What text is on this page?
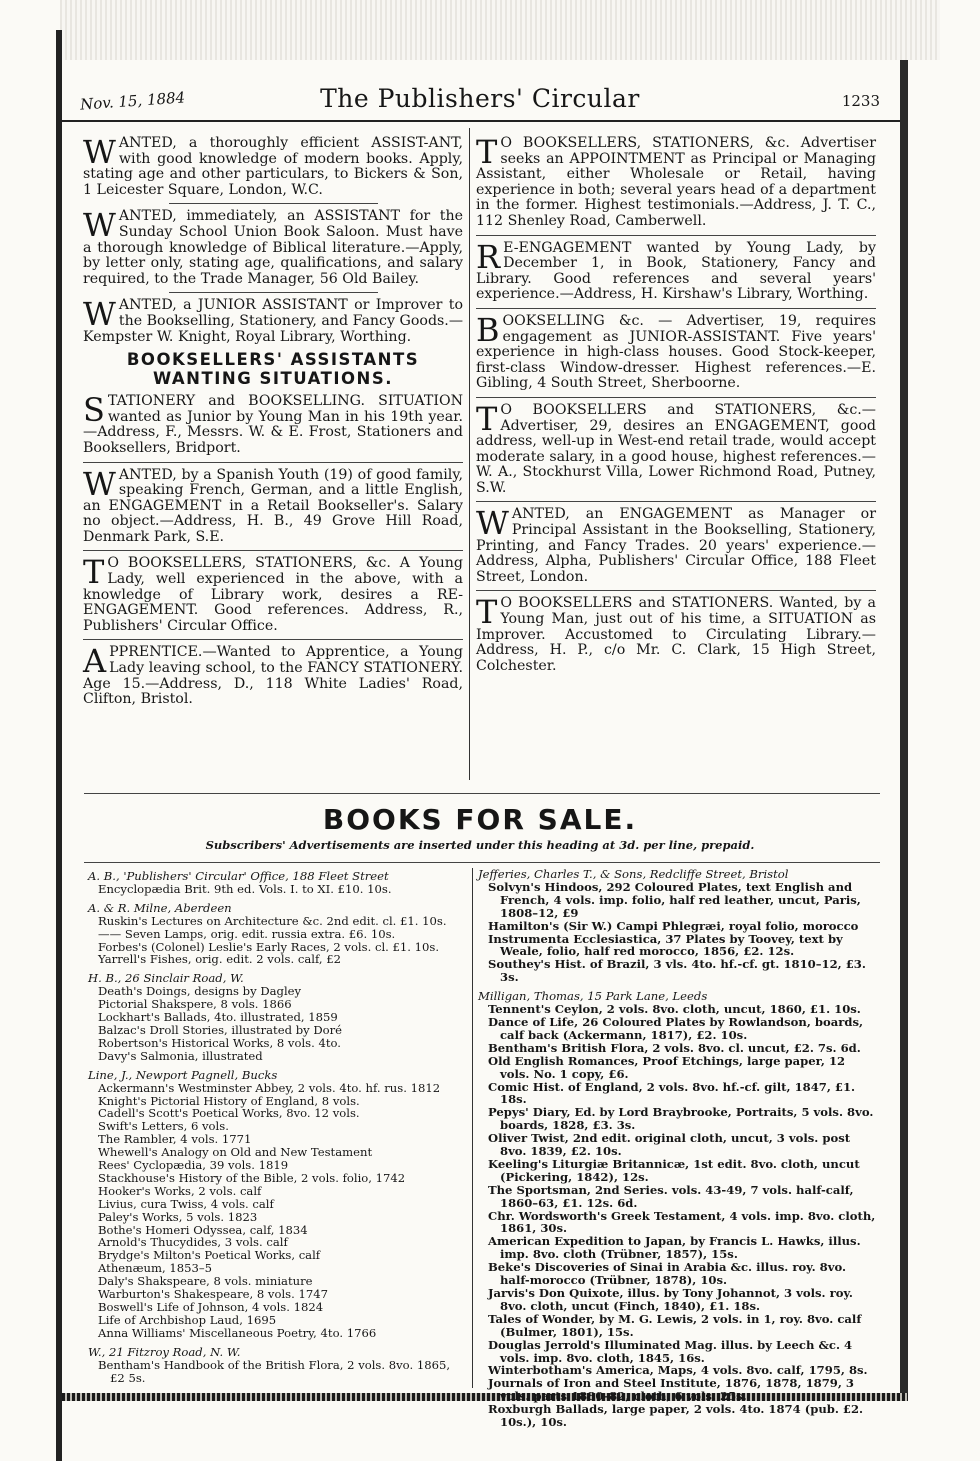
Nov. 15, 1884	The Publishers' Circular	1233
W ANTED, a thoroughly efficient ASSIST-ANT, with good knowledge of modern books. Apply, stating age and other particulars, to Bickers & Son, 1 Leicester Square, London, W.C.

W ANTED, immediately, an ASSISTANT for the Sunday School Union Book Saloon. Must have a thorough knowledge of Biblical literature.—Apply, by letter only, stating age, qualifications, and salary required, to the Trade Manager, 56 Old Bailey.

W ANTED, a JUNIOR ASSISTANT or Improver to the Bookselling, Stationery, and Fancy Goods.—Kempster W. Knight, Royal Library, Worthing.

BOOKSELLERS' ASSISTANTS WANTING SITUATIONS.
S TATIONERY and BOOKSELLING. SITUATION wanted as Junior by Young Man in his 19th year.—Address, F., Messrs. W. & E. Frost, Stationers and Booksellers, Bridport.

W ANTED, by a Spanish Youth (19) of good family, speaking French, German, and a little English, an ENGAGEMENT in a Retail Bookseller's. Salary no object.—Address, H. B., 49 Grove Hill Road, Denmark Park, S.E.

T O BOOKSELLERS, STATIONERS, &c. A Young Lady, well experienced in the above, with a knowledge of Library work, desires a RE-ENGAGEMENT. Good references. Address, R., Publishers' Circular Office.

A PPRENTICE.—Wanted to Apprentice, a Young Lady leaving school, to the FANCY STATIONERY. Age 15.—Address, D., 118 White Ladies' Road, Clifton, Bristol.

T O BOOKSELLERS, STATIONERS, &c. Advertiser seeks an APPOINTMENT as Principal or Managing Assistant, either Wholesale or Retail, having experience in both; several years head of a department in the former. Highest testimonials.—Address, J. T. C., 112 Shenley Road, Camberwell.

R E-ENGAGEMENT wanted by Young Lady, by December 1, in Book, Stationery, Fancy and Library. Good references and several years' experience.—Address, H. Kirshaw's Library, Worthing.

B OOKSELLING &c. — Advertiser, 19, requires engagement as JUNIOR-ASSISTANT. Five years' experience in high-class houses. Good Stock-keeper, first-class Window-dresser. Highest references.—E. Gibling, 4 South Street, Sherboorne.

T O BOOKSELLERS and STATIONERS, &c.—Advertiser, 29, desires an ENGAGEMENT, good address, well-up in West-end retail trade, would accept moderate salary, in a good house, highest references.—W. A., Stockhurst Villa, Lower Richmond Road, Putney, S.W.

W ANTED, an ENGAGEMENT as Manager or Principal Assistant in the Bookselling, Stationery, Printing, and Fancy Trades. 20 years' experience.—Address, Alpha, Publishers' Circular Office, 188 Fleet Street, London.

T O BOOKSELLERS and STATIONERS. Wanted, by a Young Man, just out of his time, a SITUATION as Improver. Accustomed to Circulating Library.—Address, H. P., c/o Mr. C. Clark, 15 High Street, Colchester.

BOOKS FOR SALE.
Subscribers' Advertisements are inserted under this heading at 3d. per line, prepaid.
A. B., 'Publishers' Circular' Office, 188 Fleet Street

Encyclopædia Brit. 9th ed. Vols. I. to XI. £10. 10s.

A. & R. Milne, Aberdeen

Ruskin's Lectures on Architecture &c. 2nd edit. cl. £1. 10s.

—— Seven Lamps, orig. edit. russia extra. £6. 10s.

Forbes's (Colonel) Leslie's Early Races, 2 vols. cl. £1. 10s.

Yarrell's Fishes, orig. edit. 2 vols. calf, £2

H. B., 26 Sinclair Road, W.

Death's Doings, designs by Dagley

Pictorial Shakspere, 8 vols. 1866

Lockhart's Ballads, 4to. illustrated, 1859

Balzac's Droll Stories, illustrated by Doré

Robertson's Historical Works, 8 vols. 4to.

Davy's Salmonia, illustrated

Line, J., Newport Pagnell, Bucks

Ackermann's Westminster Abbey, 2 vols. 4to. hf. rus. 1812

Knight's Pictorial History of England, 8 vols.

Cadell's Scott's Poetical Works, 8vo. 12 vols.

Swift's Letters, 6 vols.

The Rambler, 4 vols. 1771

Whewell's Analogy on Old and New Testament

Rees' Cyclopædia, 39 vols. 1819

Stackhouse's History of the Bible, 2 vols. folio, 1742

Hooker's Works, 2 vols. calf

Livius, cura Twiss, 4 vols. calf

Paley's Works, 5 vols. 1823

Bothe's Homeri Odyssea, calf, 1834

Arnold's Thucydides, 3 vols. calf

Brydge's Milton's Poetical Works, calf

Athenæum, 1853–5

Daly's Shakspeare, 8 vols. miniature

Warburton's Shakespeare, 8 vols. 1747

Boswell's Life of Johnson, 4 vols. 1824

Life of Archbishop Laud, 1695

Anna Williams' Miscellaneous Poetry, 4to. 1766

W., 21 Fitzroy Road, N. W.

Bentham's Handbook of the British Flora, 2 vols. 8vo. 1865, £2 5s.

Jefferies, Charles T., & Sons, Redcliffe Street, Bristol

Solvyn's Hindoos, 292 Coloured Plates, text English and French, 4 vols. imp. folio, half red leather, uncut, Paris, 1808–12, £9

Hamilton's (Sir W.) Campi Phlegræi, royal folio, morocco

Instrumenta Ecclesiastica, 37 Plates by Toovey, text by Weale, folio, half red morocco, 1856, £2. 12s.

Southey's Hist. of Brazil, 3 vls. 4to. hf.-cf. gt. 1810–12, £3. 3s.

Milligan, Thomas, 15 Park Lane, Leeds

Tennent's Ceylon, 2 vols. 8vo. cloth, uncut, 1860, £1. 10s.

Dance of Life, 26 Coloured Plates by Rowlandson, boards, calf back (Ackermann, 1817), £2. 10s.

Bentham's British Flora, 2 vols. 8vo. cl. uncut, £2. 7s. 6d.

Old English Romances, Proof Etchings, large paper, 12 vols. No. 1 copy, £6.

Comic Hist. of England, 2 vols. 8vo. hf.-cf. gilt, 1847, £1. 18s.

Pepys' Diary, Ed. by Lord Braybrooke, Portraits, 5 vols. 8vo. boards, 1828, £3. 3s.

Oliver Twist, 2nd edit. original cloth, uncut, 3 vols. post 8vo. 1839, £2. 10s.

Keeling's Liturgiæ Britannicæ, 1st edit. 8vo. cloth, uncut (Pickering, 1842), 12s.

The Sportsman, 2nd Series. vols. 43-49, 7 vols. half-calf, 1860–63, £1. 12s. 6d.

Chr. Wordsworth's Greek Testament, 4 vols. imp. 8vo. cloth, 1861, 30s.

American Expedition to Japan, by Francis L. Hawks, illus. imp. 8vo. cloth (Trübner, 1857), 15s.

Beke's Discoveries of Sinai in Arabia &c. illus. roy. 8vo. half-morocco (Trübner, 1878), 10s.

Jarvis's Don Quixote, illus. by Tony Johannot, 3 vols. roy. 8vo. cloth, uncut (Finch, 1840), £1. 18s.

Tales of Wonder, by M. G. Lewis, 2 vols. in 1, roy. 8vo. calf (Bulmer, 1801), 15s.

Douglas Jerrold's Illuminated Mag. illus. by Leech &c. 4 vols. imp. 8vo. cloth, 1845, 16s.

Winterbotham's America, Maps, 4 vols. 8vo. calf, 1795, 8s.

Journals of Iron and Steel Institute, 1876, 1878, 1879, 3 vols. parts 1880–82, cloth, 6 vols. 25s.

Roxburgh Ballads, large paper, 2 vols. 4to. 1874 (pub. £2. 10s.), 10s.
